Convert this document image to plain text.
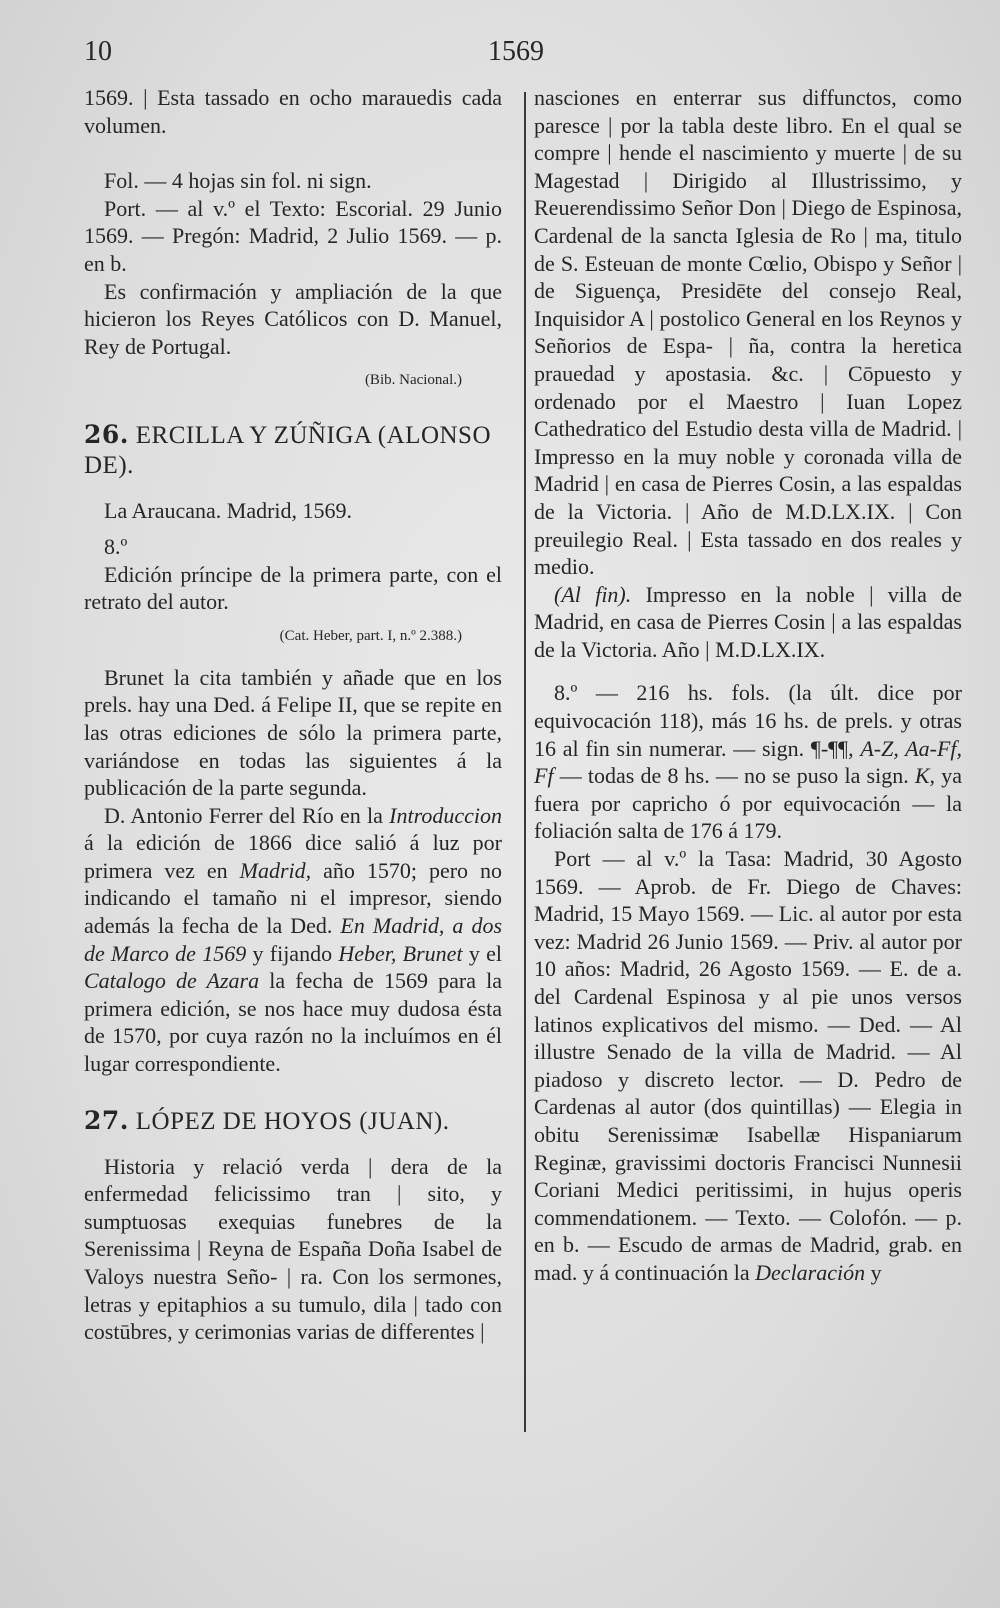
10	1569

1569. | Esta tassado en ocho marauedis cada volumen.

Fol. — 4 hojas sin fol. ni sign.

Port. — al v.º el Texto: Escorial. 29 Junio 1569. — Pregón: Madrid, 2 Julio 1569. — p. en b.

Es confirmación y ampliación de la que hicieron los Reyes Católicos con D. Manuel, Rey de Portugal.

(Bib. Nacional.)
26. ERCILLA Y ZÚÑIGA (ALONSO DE).

La Araucana. Madrid, 1569.

8.º

Edición príncipe de la primera parte, con el retrato del autor.

(Cat. Heber, part. I, n.º 2.388.)

Brunet la cita también y añade que en los prels. hay una Ded. á Felipe II, que se repite en las otras ediciones de sólo la primera parte, variándose en todas las siguientes á la publicación de la parte segunda.

D. Antonio Ferrer del Río en la Introduccion á la edición de 1866 dice salió á luz por primera vez en Madrid, año 1570; pero no indicando el tamaño ni el impresor, siendo además la fecha de la Ded. En Madrid, a dos de Marco de 1569 y fijando Heber, Brunet y el Catalogo de Azara la fecha de 1569 para la primera edición, se nos hace muy dudosa ésta de 1570, por cuya razón no la incluímos en él lugar correspondiente.

27. LÓPEZ DE HOYOS (JUAN).

Historia y relació verda | dera de la enfermedad felicissimo tran | sito, y sumptuosas exequias funebres de la Serenissima | Reyna de España Doña Isabel de Valoys nuestra Seño- | ra. Con los sermones, letras y epitaphios a su tumulo, dila | tado con costūbres, y cerimonias varias de differentes |

nasciones en enterrar sus diffunctos, como paresce | por la tabla deste libro. En el qual se compre | hende el nascimiento y muerte | de su Magestad | Dirigido al Illustrissimo, y Reuerendissimo Señor Don | Diego de Espinosa, Cardenal de la sancta Iglesia de Ro | ma, titulo de S. Esteuan de monte Cœlio, Obispo y Señor | de Siguença, Presidēte del consejo Real, Inquisidor A | postolico General en los Reynos y Señorios de Espa- | ña, contra la heretica prauedad y apostasia. &c. | Cōpuesto y ordenado por el Maestro | Iuan Lopez Cathedratico del Estudio desta villa de Madrid. | Impresso en la muy noble y coronada villa de Madrid | en casa de Pierres Cosin, a las espaldas de la Victoria. | Año de M.D.LX.IX. | Con preuilegio Real. | Esta tassado en dos reales y medio.

(Al fin). Impresso en la noble | villa de Madrid, en casa de Pierres Cosin | a las espaldas de la Victoria. Año | M.D.LX.IX.

8.º — 216 hs. fols. (la últ. dice por equivocación 118), más 16 hs. de prels. y otras 16 al fin sin numerar. — sign. ¶-¶¶, A-Z, Aa-Ff, Ff — todas de 8 hs. — no se puso la sign. K, ya fuera por capricho ó por equivocación — la foliación salta de 176 á 179.

Port — al v.º la Tasa: Madrid, 30 Agosto 1569. — Aprob. de Fr. Diego de Chaves: Madrid, 15 Mayo 1569. — Lic. al autor por esta vez: Madrid 26 Junio 1569. — Priv. al autor por 10 años: Madrid, 26 Agosto 1569. — E. de a. del Cardenal Espinosa y al pie unos versos latinos explicativos del mismo. — Ded. — Al illustre Senado de la villa de Madrid. — Al piadoso y discreto lector. — D. Pedro de Cardenas al autor (dos quintillas) — Elegia in obitu Serenissimæ Isabellæ Hispaniarum Reginæ, gravissimi doctoris Francisci Nunnesii Coriani Medici peritissimi, in hujus operis commendationem. — Texto. — Colofón. — p. en b. — Escudo de armas de Madrid, grab. en mad. y á continuación la Declaración y
